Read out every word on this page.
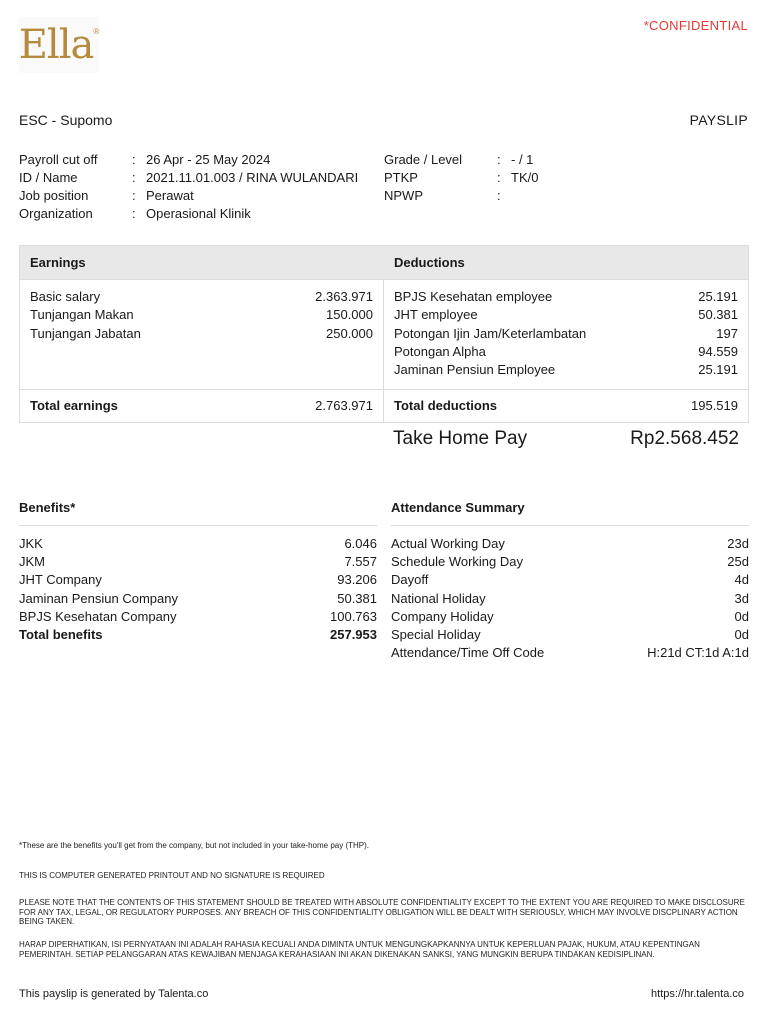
Ella ®	*CONFIDENTIAL
ESC - Supomo	PAYSLIP
Payroll cut off	: 26 Apr - 25 May 2024
ID / Name	: 2021.11.01.003 / RINA WULANDARI
Job position	: Perawat
Organization	: Operasional Klinik
Grade / Level	: - / 1
PTKP	: TK/0
NPWP	:
Earnings	Deductions
Basic salary	2.363.971
Tunjangan Makan	150.000
Tunjangan Jabatan	250.000
BPJS Kesehatan employee	25.191
JHT employee	50.381
Potongan Ijin Jam/Keterlambatan	197
Potongan Alpha	94.559
Jaminan Pensiun Employee	25.191
Total earnings	2.763.971 Total deductions	195.519
Take Home Pay	Rp2.568.452
Benefits*
JKK	6.046
JKM	7.557
JHT Company	93.206
Jaminan Pensiun Company	50.381
BPJS Kesehatan Company	100.763
Total benefits	257.953
Attendance Summary
Actual Working Day	23d
Schedule Working Day	25d
Dayoff	4d
National Holiday	3d
Company Holiday	0d
Special Holiday	0d
Attendance/Time Off Code	H:21d CT:1d A:1d
*These are the benefits you'll get from the company, but not included in your take-home pay (THP).
THIS IS COMPUTER GENERATED PRINTOUT AND NO SIGNATURE IS REQUIRED
PLEASE NOTE THAT THE CONTENTS OF THIS STATEMENT SHOULD BE TREATED WITH ABSOLUTE CONFIDENTIALITY EXCEPT TO THE EXTENT YOU ARE REQUIRED TO MAKE DISCLOSURE FOR ANY TAX, LEGAL, OR REGULATORY PURPOSES. ANY BREACH OF THIS CONFIDENTIALITY OBLIGATION WILL BE DEALT WITH SERIOUSLY, WHICH MAY INVOLVE DISCPLINARY ACTION BEING TAKEN.
HARAP DIPERHATIKAN, ISI PERNYATAAN INI ADALAH RAHASIA KECUALI ANDA DIMINTA UNTUK MENGUNGKAPKANNYA UNTUK KEPERLUAN PAJAK, HUKUM, ATAU KEPENTINGAN PEMERINTAH. SETIAP PELANGGARAN ATAS KEWAJIBAN MENJAGA KERAHASIAAN INI AKAN DIKENAKAN SANKSI, YANG MUNGKIN BERUPA TINDAKAN KEDISIPLINAN.
This payslip is generated by Talenta.co	https://hr.talenta.co
